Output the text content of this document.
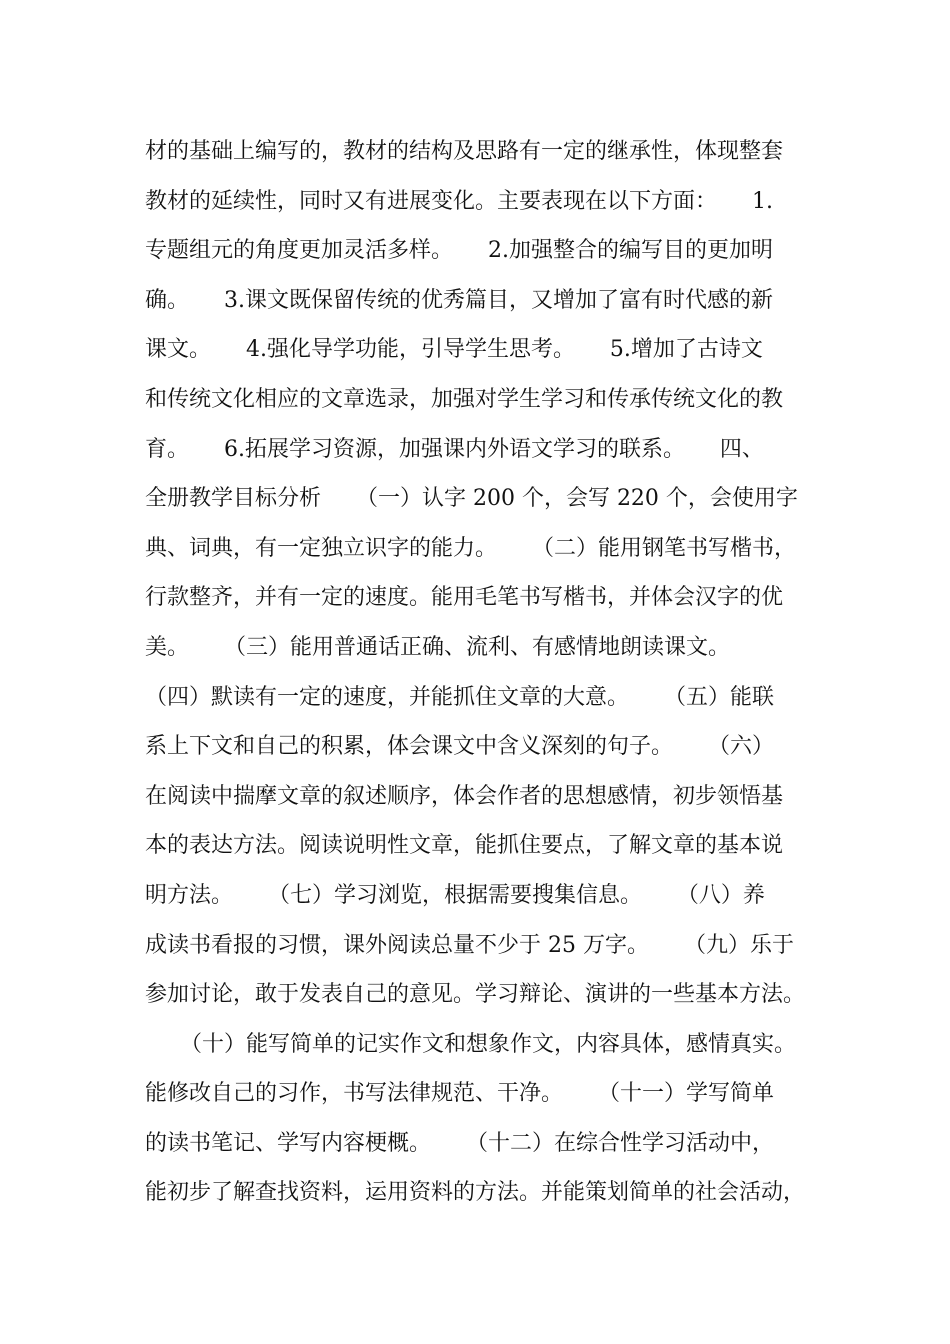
材的基础上编写的，教材的结构及思路有一定的继承性，体现整套
教材的延续性，同时又有进展变化。主要表现在以下方面：     1.
专题组元的角度更加灵活多样。     2.加强整合的编写目的更加明
确。     3.课文既保留传统的优秀篇目，又增加了富有时代感的新
课文。     4.强化导学功能，引导学生思考。     5.增加了古诗文
和传统文化相应的文章选录，加强对学生学习和传承传统文化的教
育。     6.拓展学习资源，加强课内外语文学习的联系。     四、
全册教学目标分析     （一）认字 200 个，会写 220 个，会使用字
典、词典，有一定独立识字的能力。     （二）能用钢笔书写楷书，
行款整齐，并有一定的速度。能用毛笔书写楷书，并体会汉字的优
美。     （三）能用普通话正确、流利、有感情地朗读课文。
（四）默读有一定的速度，并能抓住文章的大意。     （五）能联
系上下文和自己的积累，体会课文中含义深刻的句子。     （六）
在阅读中揣摩文章的叙述顺序，体会作者的思想感情，初步领悟基
本的表达方法。阅读说明性文章，能抓住要点，了解文章的基本说
明方法。     （七）学习浏览，根据需要搜集信息。     （八）养
成读书看报的习惯，课外阅读总量不少于 25 万字。     （九）乐于
参加讨论，敢于发表自己的意见。学习辩论、演讲的一些基本方法。
（十）能写简单的记实作文和想象作文，内容具体，感情真实。
能修改自己的习作，书写法律规范、干净。     （十一）学写简单
的读书笔记、学写内容梗概。     （十二）在综合性学习活动中，
能初步了解查找资料，运用资料的方法。并能策划简单的社会活动，
